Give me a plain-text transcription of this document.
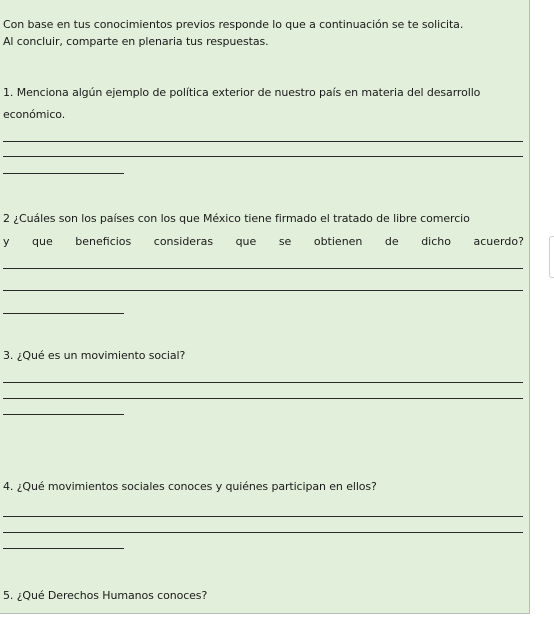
Con base en tus conocimientos previos responde lo que a continuación se te solicita.
Al concluir, comparte en plenaria tus respuestas.
1. Menciona algún ejemplo de política exterior de nuestro país en materia del desarrollo
económico.
2 ¿Cuáles son los países con los que México tiene firmado el tratado de libre comercio
y que beneficios consideras que se obtienen de dicho acuerdo?
3. ¿Qué es un movimiento social?
4. ¿Qué movimientos sociales conoces y quiénes participan en ellos?
5. ¿Qué Derechos Humanos conoces?
